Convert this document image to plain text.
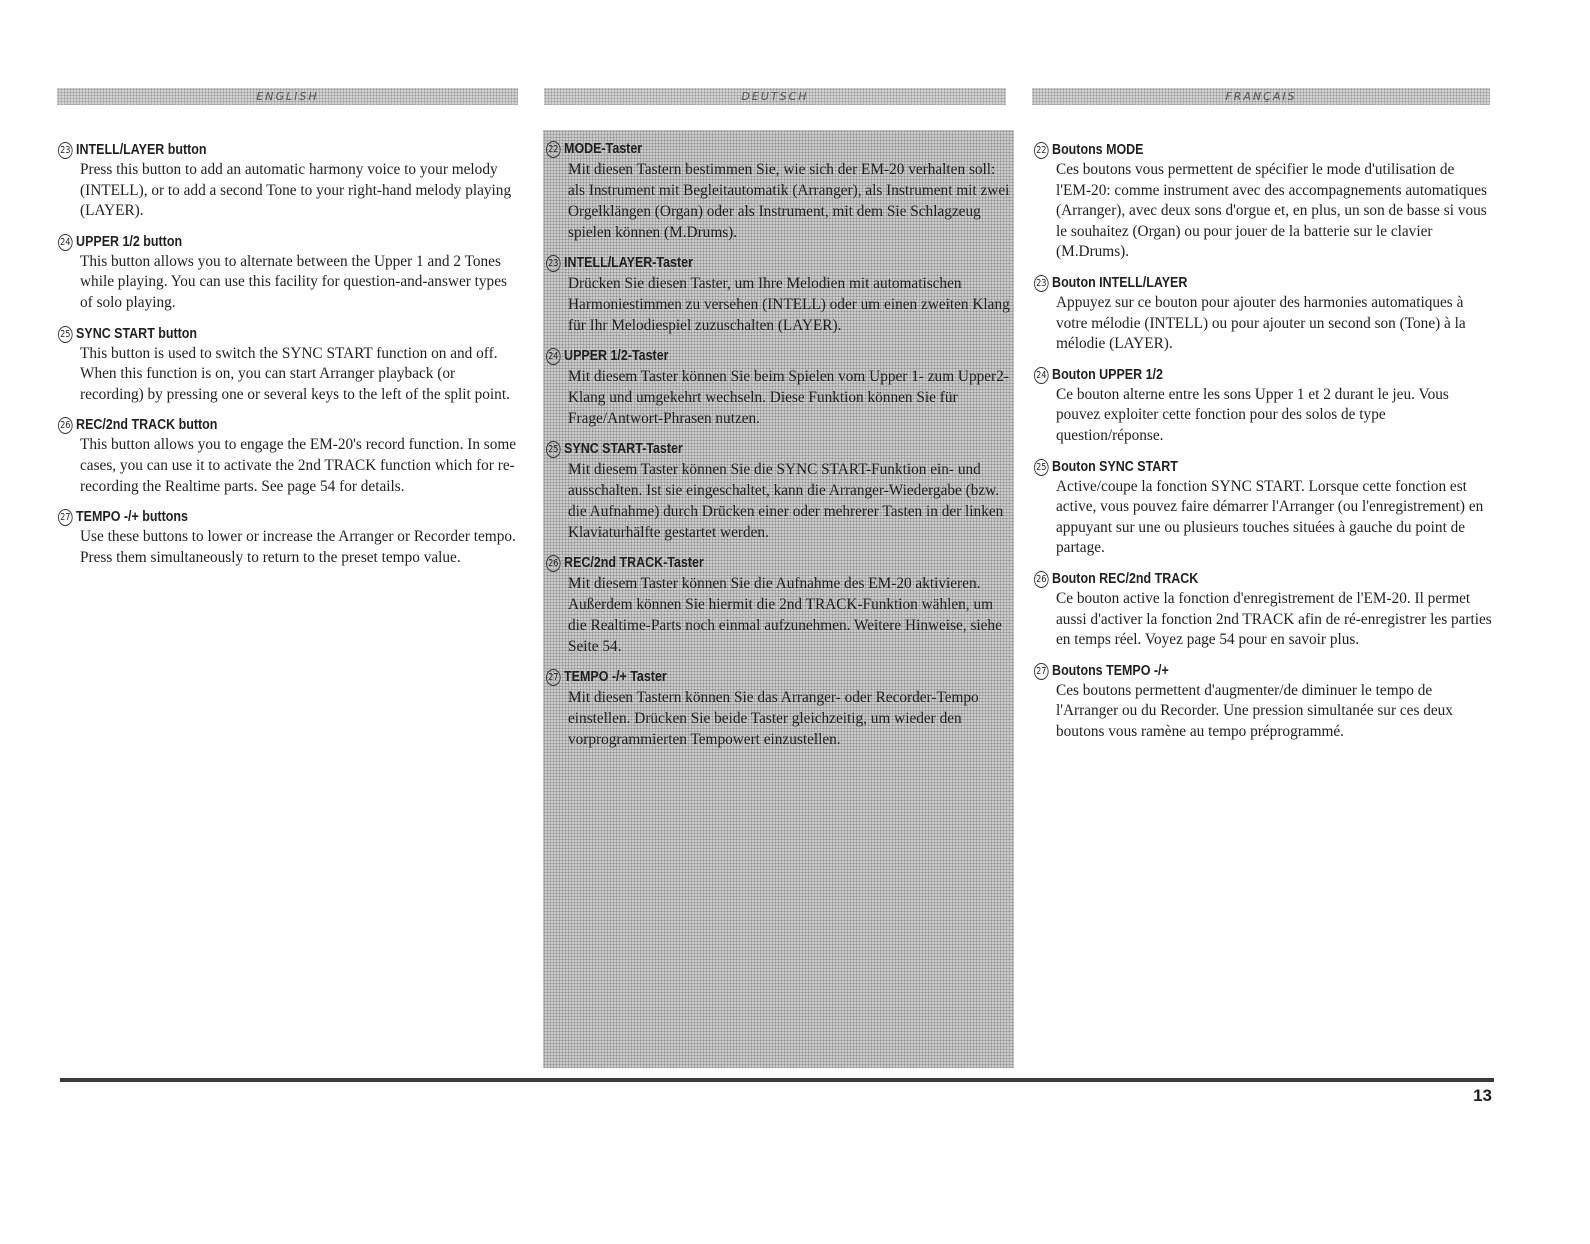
ENGLISH	DEUTSCH	FRANÇAIS
23 INTELL/LAYER button
Press this button to add an automatic harmony voice to your melody (INTELL), or to add a second Tone to your right-hand melody playing (LAYER).
24 UPPER 1/2 button
This button allows you to alternate between the Upper 1 and 2 Tones while playing. You can use this facility for question-and-answer types of solo playing.
25 SYNC START button
This button is used to switch the SYNC START function on and off. When this function is on, you can start Arranger playback (or recording) by pressing one or several keys to the left of the split point.
26 REC/2nd TRACK button
This button allows you to engage the EM-20's record function. In some cases, you can use it to activate the 2nd TRACK function which for re-recording the Realtime parts. See page 54 for details.
27 TEMPO -/+ buttons
Use these buttons to lower or increase the Arranger or Recorder tempo. Press them simultaneously to return to the preset tempo value.
22 MODE-Taster
Mit diesen Tastern bestimmen Sie, wie sich der EM-20 verhalten soll: als Instrument mit Begleitautomatik (Arranger), als Instrument mit zwei Orgelklängen (Organ) oder als Instrument, mit dem Sie Schlagzeug spielen können (M.Drums).
23 INTELL/LAYER-Taster
Drücken Sie diesen Taster, um Ihre Melodien mit automatischen Harmoniestimmen zu versehen (INTELL) oder um einen zweiten Klang für Ihr Melodiespiel zuzuschalten (LAYER).
24 UPPER 1/2-Taster
Mit diesem Taster können Sie beim Spielen vom Upper 1- zum Upper2-Klang und umgekehrt wechseln. Diese Funktion können Sie für Frage/Antwort-Phrasen nutzen.
25 SYNC START-Taster
Mit diesem Taster können Sie die SYNC START-Funktion ein- und ausschalten. Ist sie eingeschaltet, kann die Arranger-Wiedergabe (bzw. die Aufnahme) durch Drücken einer oder mehrerer Tasten in der linken Klaviaturhälfte gestartet werden.
26 REC/2nd TRACK-Taster
Mit diesem Taster können Sie die Aufnahme des EM-20 aktivieren. Außerdem können Sie hiermit die 2nd TRACK-Funktion wählen, um die Realtime-Parts noch einmal aufzunehmen. Weitere Hinweise, siehe Seite 54.
27 TEMPO -/+ Taster
Mit diesen Tastern können Sie das Arranger- oder Recorder-Tempo einstellen. Drücken Sie beide Taster gleichzeitig, um wieder den vorprogrammierten Tempowert einzustellen.
22 Boutons MODE
Ces boutons vous permettent de spécifier le mode d'utilisation de l'EM-20: comme instrument avec des accompagnements automatiques (Arranger), avec deux sons d'orgue et, en plus, un son de basse si vous le souhaitez (Organ) ou pour jouer de la batterie sur le clavier (M.Drums).
23 Bouton INTELL/LAYER
Appuyez sur ce bouton pour ajouter des harmonies automatiques à votre mélodie (INTELL) ou pour ajouter un second son (Tone) à la mélodie (LAYER).
24 Bouton UPPER 1/2
Ce bouton alterne entre les sons Upper 1 et 2 durant le jeu. Vous pouvez exploiter cette fonction pour des solos de type question/réponse.
25 Bouton SYNC START
Active/coupe la fonction SYNC START. Lorsque cette fonction est active, vous pouvez faire démarrer l'Arranger (ou l'enregistrement) en appuyant sur une ou plusieurs touches situées à gauche du point de partage.
26 Bouton REC/2nd TRACK
Ce bouton active la fonction d'enregistrement de l'EM-20. Il permet aussi d'activer la fonction 2nd TRACK afin de ré-enregistrer les parties en temps réel. Voyez page 54 pour en savoir plus.
27 Boutons TEMPO -/+
Ces boutons permettent d'augmenter/de diminuer le tempo de l'Arranger ou du Recorder. Une pression simultanée sur ces deux boutons vous ramène au tempo préprogrammé.
13
